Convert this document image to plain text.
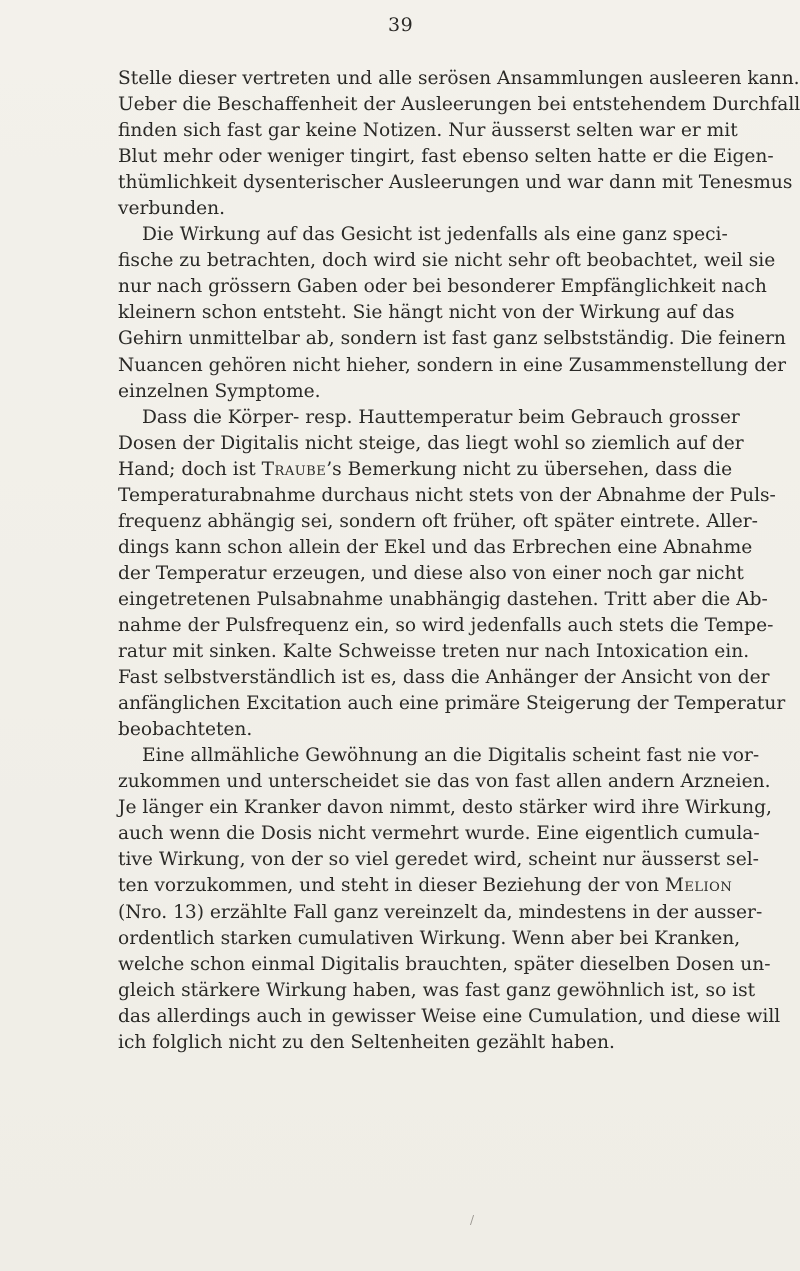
39
Stelle dieser vertreten und alle serösen Ansammlungen ausleeren kann.
Ueber die Beschaffenheit der Ausleerungen bei entstehendem Durchfall
finden sich fast gar keine Notizen. Nur äusserst selten war er mit
Blut mehr oder weniger tingirt, fast ebenso selten hatte er die Eigen-
thümlichkeit dysenterischer Ausleerungen und war dann mit Tenesmus
verbunden.
Die Wirkung auf das Gesicht ist jedenfalls als eine ganz speci-
fische zu betrachten, doch wird sie nicht sehr oft beobachtet, weil sie
nur nach grössern Gaben oder bei besonderer Empfänglichkeit nach
kleinern schon entsteht. Sie hängt nicht von der Wirkung auf das
Gehirn unmittelbar ab, sondern ist fast ganz selbstständig. Die feinern
Nuancen gehören nicht hieher, sondern in eine Zusammenstellung der
einzelnen Symptome.
Dass die Körper- resp. Hauttemperatur beim Gebrauch grosser
Dosen der Digitalis nicht steige, das liegt wohl so ziemlich auf der
Hand; doch ist Traube’s Bemerkung nicht zu übersehen, dass die
Temperaturabnahme durchaus nicht stets von der Abnahme der Puls-
frequenz abhängig sei, sondern oft früher, oft später eintrete. Aller-
dings kann schon allein der Ekel und das Erbrechen eine Abnahme
der Temperatur erzeugen, und diese also von einer noch gar nicht
eingetretenen Pulsabnahme unabhängig dastehen. Tritt aber die Ab-
nahme der Pulsfrequenz ein, so wird jedenfalls auch stets die Tempe-
ratur mit sinken. Kalte Schweisse treten nur nach Intoxication ein.
Fast selbstverständlich ist es, dass die Anhänger der Ansicht von der
anfänglichen Excitation auch eine primäre Steigerung der Temperatur
beobachteten.
Eine allmähliche Gewöhnung an die Digitalis scheint fast nie vor-
zukommen und unterscheidet sie das von fast allen andern Arzneien.
Je länger ein Kranker davon nimmt, desto stärker wird ihre Wirkung,
auch wenn die Dosis nicht vermehrt wurde. Eine eigentlich cumula-
tive Wirkung, von der so viel geredet wird, scheint nur äusserst sel-
ten vorzukommen, und steht in dieser Beziehung der von Melion
(Nro. 13) erzählte Fall ganz vereinzelt da, mindestens in der ausser-
ordentlich starken cumulativen Wirkung. Wenn aber bei Kranken,
welche schon einmal Digitalis brauchten, später dieselben Dosen un-
gleich stärkere Wirkung haben, was fast ganz gewöhnlich ist, so ist
das allerdings auch in gewisser Weise eine Cumulation, und diese will
ich folglich nicht zu den Seltenheiten gezählt haben.
/
